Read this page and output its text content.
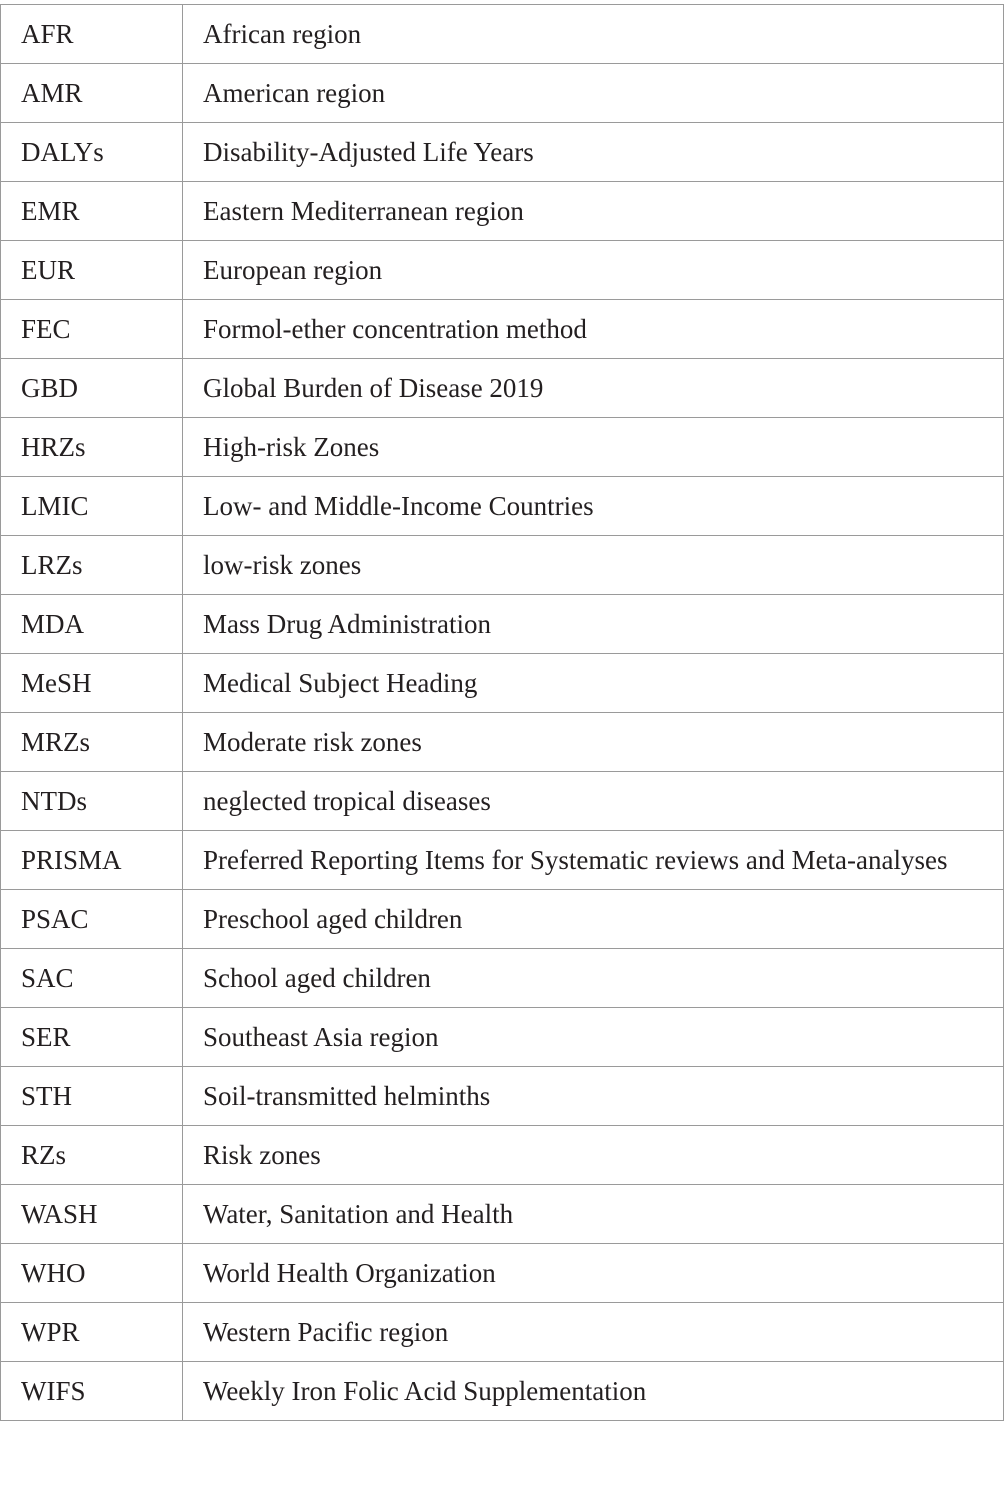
AFR	African region
AMR	American region
DALYs	Disability-Adjusted Life Years
EMR	Eastern Mediterranean region
EUR	European region
FEC	Formol-ether concentration method
GBD	Global Burden of Disease 2019
HRZs	High-risk Zones
LMIC	Low- and Middle-Income Countries
LRZs	low-risk zones
MDA	Mass Drug Administration
MeSH	Medical Subject Heading
MRZs	Moderate risk zones
NTDs	neglected tropical diseases
PRISMA	Preferred Reporting Items for Systematic reviews and Meta-analyses
PSAC	Preschool aged children
SAC	School aged children
SER	Southeast Asia region
STH	Soil-transmitted helminths
RZs	Risk zones
WASH	Water, Sanitation and Health
WHO	World Health Organization
WPR	Western Pacific region
WIFS	Weekly Iron Folic Acid Supplementation
